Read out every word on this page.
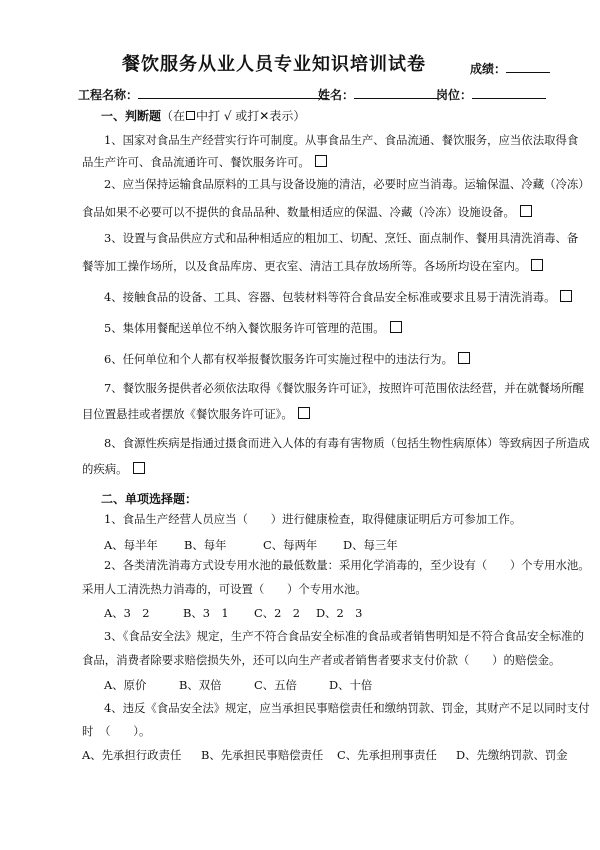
餐饮服务从业人员专业知识培训试卷	成绩：
工程名称：	姓名：	岗位：
一、判断题（在 中打 √ 或打✕表示）
1、国家对食品生产经营实行许可制度。从事食品生产、食品流通、餐饮服务，应当依法取得食
品生产许可、食品流通许可、餐饮服务许可。
2、应当保持运输食品原料的工具与设备设施的清洁，必要时应当消毒。运输保温、冷藏（冷冻）
食品如果不必要可以不提供的食品品种、数量相适应的保温、冷藏（冷冻）设施设备。
3、设置与食品供应方式和品种相适应的粗加工、切配、烹饪、面点制作、餐用具清洗消毒、备
餐等加工操作场所，以及食品库房、更衣室、清洁工具存放场所等。各场所均设在室内。
4、接触食品的设备、工具、容器、包装材料等符合食品安全标准或要求且易于清洗消毒。
5、集体用餐配送单位不纳入餐饮服务许可管理的范围。
6、任何单位和个人都有权举报餐饮服务许可实施过程中的违法行为。
7、餐饮服务提供者必须依法取得《餐饮服务许可证》，按照许可范围依法经营，并在就餐场所醒
目位置悬挂或者摆放《餐饮服务许可证》。
8、食源性疾病是指通过摄食而进入人体的有毒有害物质（包括生物性病原体）等致病因子所造成
的疾病。
二、单项选择题：
1、食品生产经营人员应当（　　）进行健康检查，取得健康证明后方可参加工作。
A、每半年 B、每年	C、每两年 D、每三年
2、各类清洗消毒方式设专用水池的最低数量：采用化学消毒的，至少设有（　　）个专用水池。
采用人工清洗热力消毒的，可设置（　　）个专用水池。
A、3　2	B、3　1 C、2　2 D、2　3
3、《食品安全法》规定，生产不符合食品安全标准的食品或者销售明知是不符合食品安全标准的
食品，消费者除要求赔偿损失外，还可以向生产者或者销售者要求支付价款（　　）的赔偿金。
A、原价	B、双倍	C、五倍	D、十倍
4、违反《食品安全法》规定，应当承担民事赔偿责任和缴纳罚款、罚金，其财产不足以同时支付
时　（　　）。
A、先承担行政责任 B、先承担民事赔偿责任 C、先承担刑事责任 D、先缴纳罚款、罚金
